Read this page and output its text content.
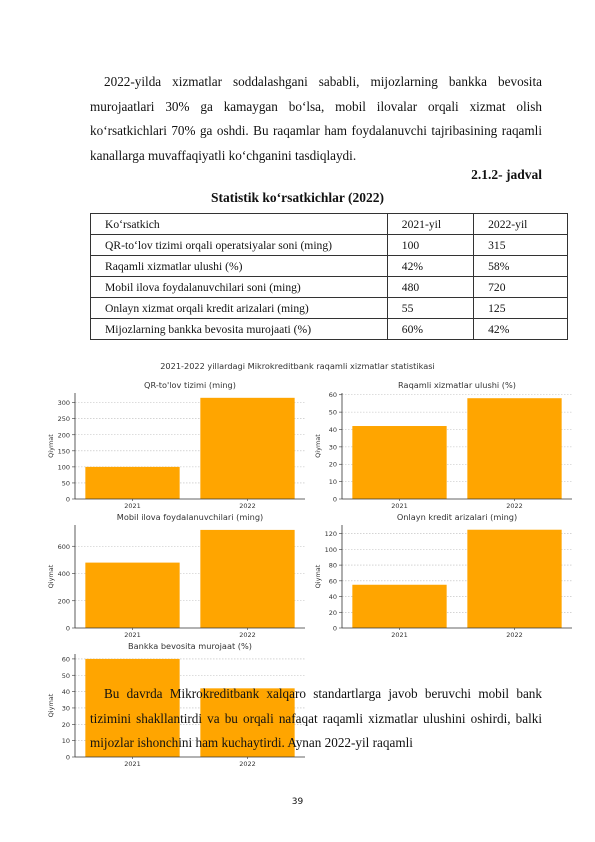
2022-yilda xizmatlar soddalashgani sababli, mijozlarning bankka bevosita murojaatlari 30% ga kamaygan bo‘lsa, mobil ilovalar orqali xizmat olish ko‘rsatkichlari 70% ga oshdi. Bu raqamlar ham foydalanuvchi tajribasining raqamli kanallarga muvaffaqiyatli ko‘chganini tasdiqlaydi.
2.1.2- jadval
Statistik ko‘rsatkichlar (2022)
Ko‘rsatkich	2021-yil	2022-yil
QR-to‘lov tizimi orqali operatsiyalar soni (ming)	100	315
Raqamli xizmatlar ulushi (%)	42%	58%
Mobil ilova foydalanuvchilari soni (ming)	480	720
Onlayn xizmat orqali kredit arizalari (ming)	55	125
Mijozlarning bankka bevosita murojaati (%)	60%	42%
2021-2022 yillardagi Mikrokreditbank raqamli xizmatlar statistikasi
QR-to'lov tizimi (ming)
0
50
100
150
200
250
300
2021	2022
Qiymat
Raqamli xizmatlar ulushi (%)
0
10
20
30
40
50
60
2021	2022
Qiymat
Mobil ilova foydalanuvchilari (ming)
0
200
400
600
2021	2022
Qiymat
Onlayn kredit arizalari (ming)
0
20
40
60
80
100
120
2021	2022
Qiymat
Bankka bevosita murojaat (%)
0
10
20
30
40
50
60
2021	2022
Qiymat
Bu davrda Mikrokreditbank xalqaro standartlarga javob beruvchi mobil bank tizimini shakllantirdi va bu orqali nafaqat raqamli xizmatlar ulushini oshirdi, balki mijozlar ishonchini ham kuchaytirdi. Aynan 2022-yil raqamli
39
